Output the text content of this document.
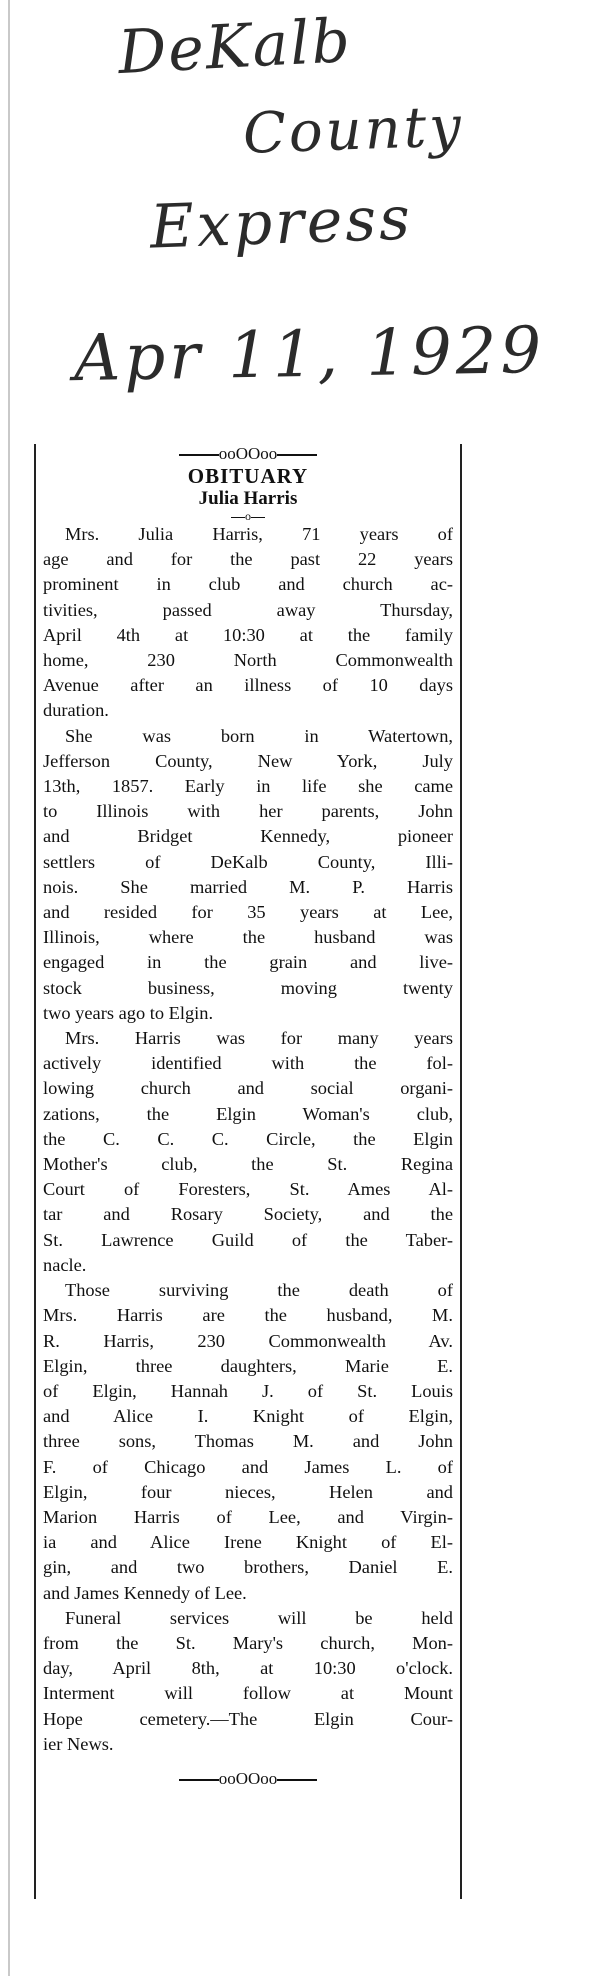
DeKalb
County
Express
Apr 11, 1929
ooOOoo
OBITUARY
Julia Harris
o

Mrs. Julia Harris, 71 years of
age and for the past 22 years
prominent in club and church ac-
tivities, passed away Thursday,
April 4th at 10:30 at the family
home, 230 North Commonwealth
Avenue after an illness of 10 days
duration.

She was born in Watertown,
Jefferson County, New York, July
13th, 1857. Early in life she came
to Illinois with her parents, John
and Bridget Kennedy, pioneer
settlers of DeKalb County, Illi-
nois. She married M. P. Harris
and resided for 35 years at Lee,
Illinois, where the husband was
engaged in the grain and live-
stock business, moving twenty
two years ago to Elgin.

Mrs. Harris was for many years
actively identified with the fol-
lowing church and social organi-
zations, the Elgin Woman's club,
the C. C. C. Circle, the Elgin
Mother's club, the St. Regina
Court of Foresters, St. Ames Al-
tar and Rosary Society, and the
St. Lawrence Guild of the Taber-
nacle.

Those surviving the death of
Mrs. Harris are the husband, M.
R. Harris, 230 Commonwealth Av.
Elgin, three daughters, Marie E.
of Elgin, Hannah J. of St. Louis
and Alice I. Knight of Elgin,
three sons, Thomas M. and John
F. of Chicago and James L. of
Elgin, four nieces, Helen and
Marion Harris of Lee, and Virgin-
ia and Alice Irene Knight of El-
gin, and two brothers, Daniel E.
and James Kennedy of Lee.

Funeral services will be held
from the St. Mary's church, Mon-
day, April 8th, at 10:30 o'clock.
Interment will follow at Mount
Hope cemetery.—The Elgin Cour-
ier News.

ooOOoo
